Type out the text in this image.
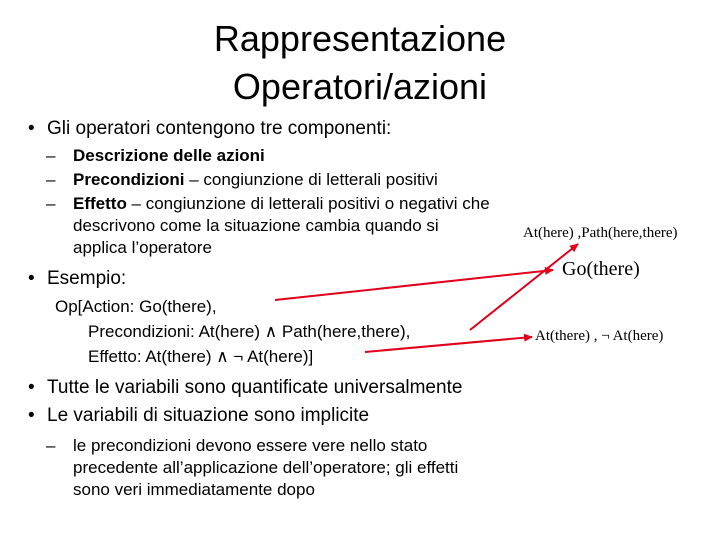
Rappresentazione
Operatori/azioni
• Gli operatori contengono tre componenti:
– Descrizione delle azioni
– Precondizioni – congiunzione di letterali positivi
– Effetto – congiunzione di letterali positivi o negativi che
descrivono come la situazione cambia quando si
applica l’operatore
• Esempio:
Op[Action: Go(there),
Precondizioni: At(here) ∧ Path(here,there),
Effetto: At(there) ∧ ¬ At(here)]
• Tutte le variabili sono quantificate universalmente
• Le variabili di situazione sono implicite
– le precondizioni devono essere vere nello stato
precedente all’applicazione dell’operatore; gli effetti
sono veri immediatamente dopo
At(here) ,Path(here,there)
Go(there)
At(there) , ¬ At(here)
